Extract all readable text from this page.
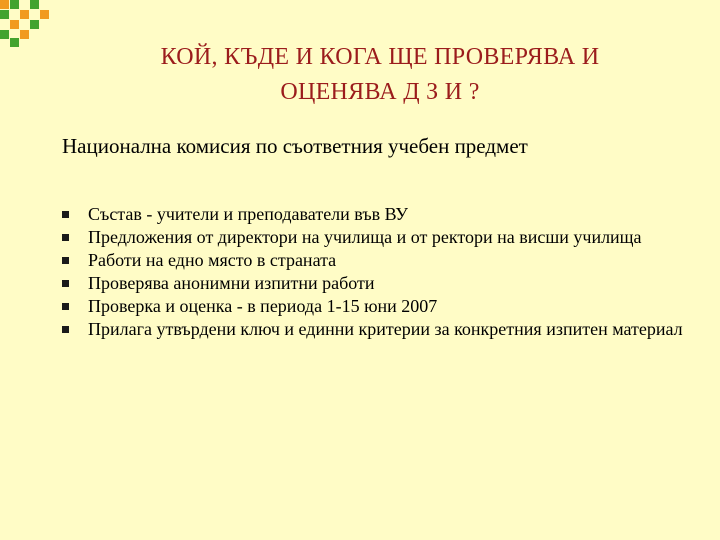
КОЙ, КЪДЕ И КОГА ЩЕ ПРОВЕРЯВА И
ОЦЕНЯВА Д З И ?
Национална комисия по съответния учебен предмет
Състав - учители и преподаватели във ВУ
Предложения от директори на училища и от ректори на висши училища
Работи на едно място в страната
Проверява анонимни изпитни работи
Проверка и оценка - в периода 1-15 юни 2007
Прилага утвърдени ключ и единни критерии за конкретния изпитен материал
